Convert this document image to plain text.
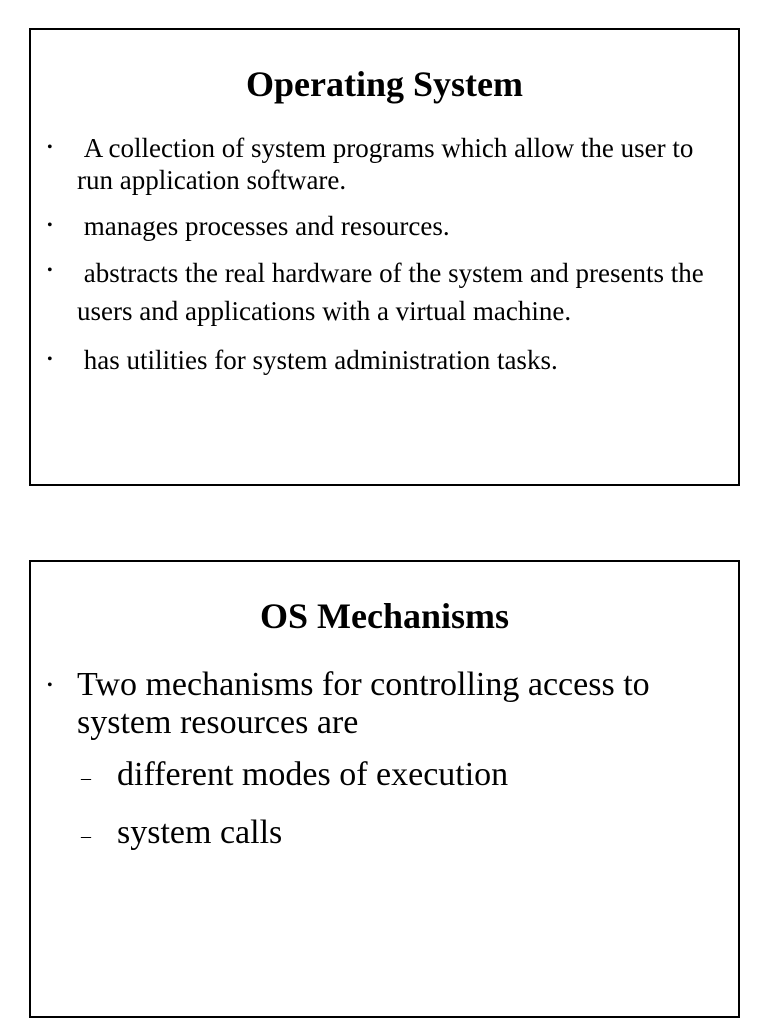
Operating System
• A collection of system programs which allow the user to run application software.
• manages processes and resources.
• abstracts the real hardware of the system and presents the users and applications with a virtual machine.
• has utilities for system administration tasks.
OS Mechanisms
• Two mechanisms for controlling access to system resources are
– different modes of execution
– system calls
